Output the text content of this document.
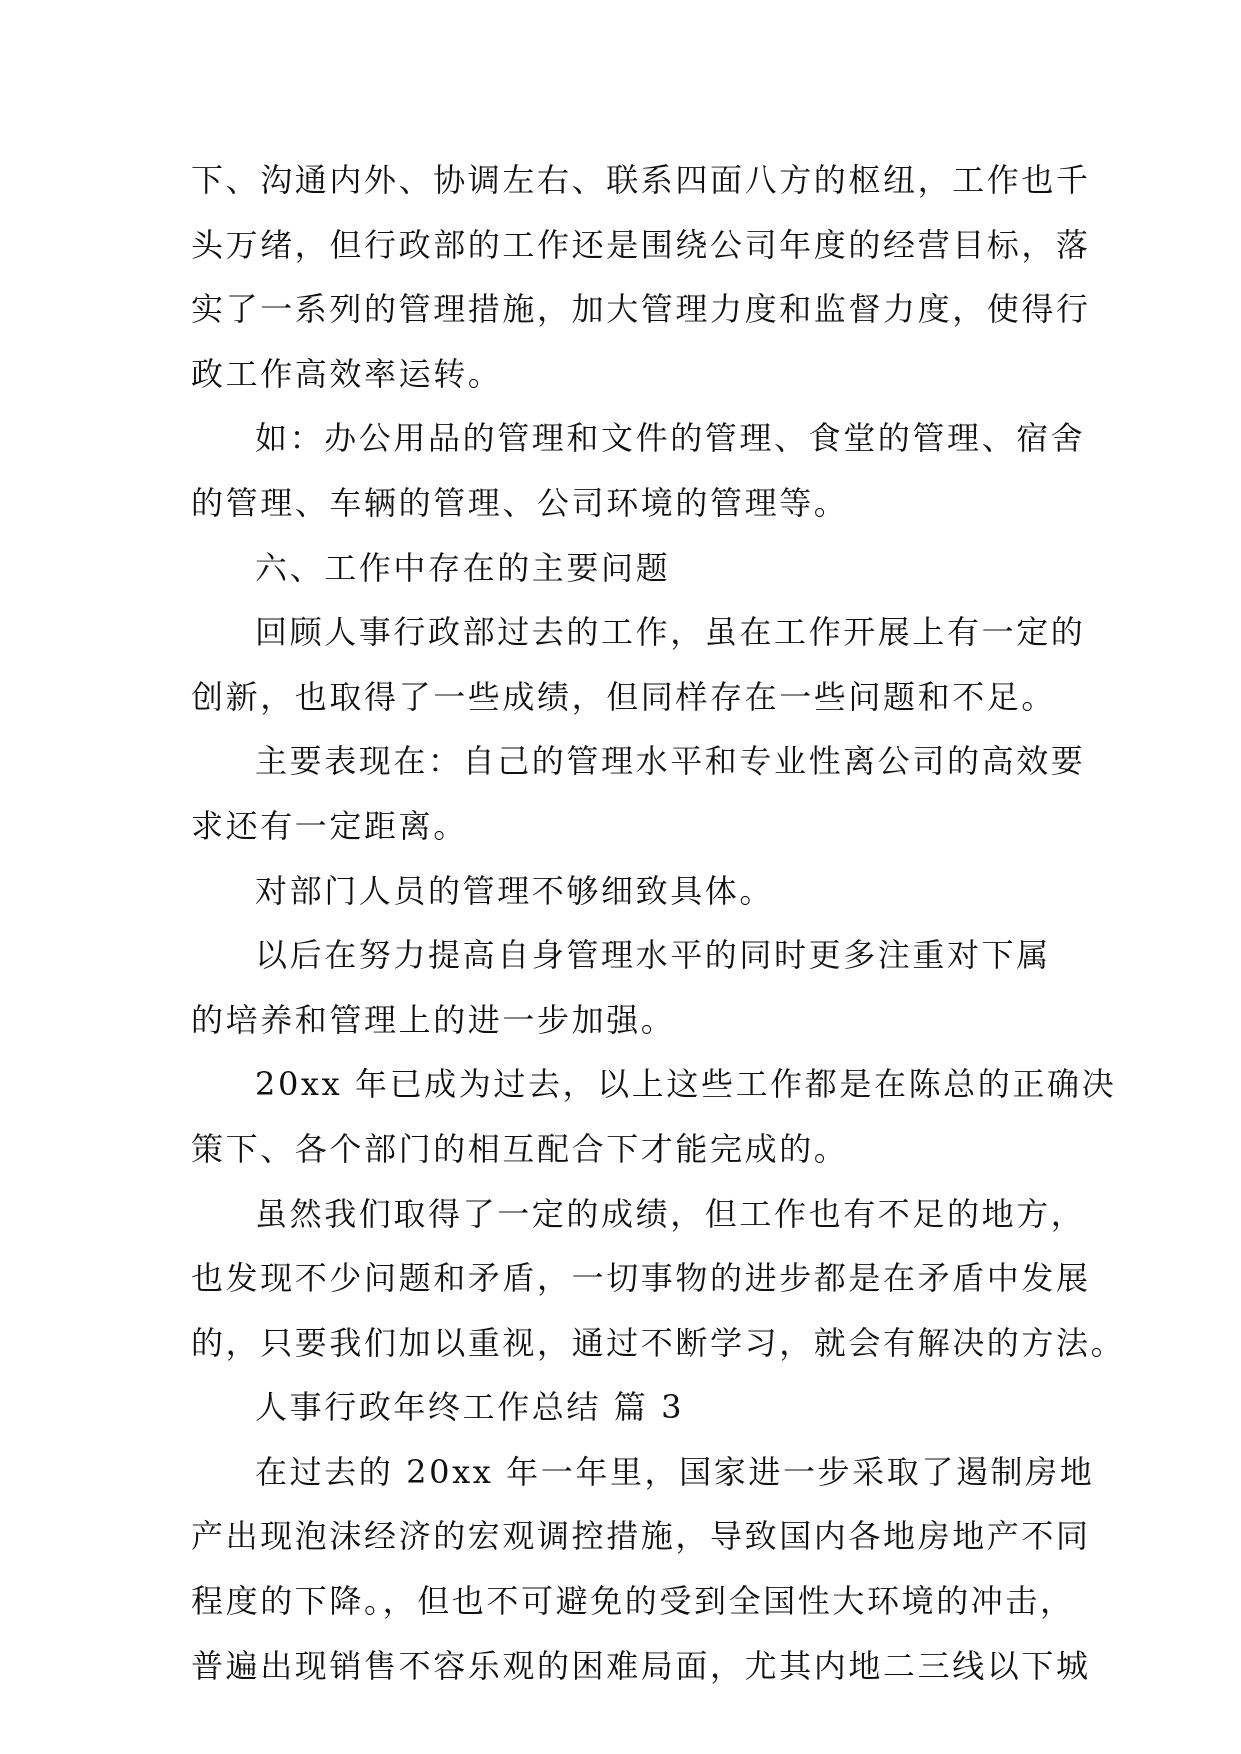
下、沟通内外、协调左右、联系四面八方的枢纽，工作也千
头万绪，但行政部的工作还是围绕公司年度的经营目标，落
实了一系列的管理措施，加大管理力度和监督力度，使得行
政工作高效率运转。
如：办公用品的管理和文件的管理、食堂的管理、宿舍
的管理、车辆的管理、公司环境的管理等。
六、工作中存在的主要问题
回顾人事行政部过去的工作，虽在工作开展上有一定的
创新，也取得了一些成绩，但同样存在一些问题和不足。
主要表现在：自己的管理水平和专业性离公司的高效要
求还有一定距离。
对部门人员的管理不够细致具体。
以后在努力提高自身管理水平的同时更多注重对下属
的培养和管理上的进一步加强。
20xx 年已成为过去，以上这些工作都是在陈总的正确决
策下、各个部门的相互配合下才能完成的。
虽然我们取得了一定的成绩，但工作也有不足的地方，
也发现不少问题和矛盾，一切事物的进步都是在矛盾中发展
的，只要我们加以重视，通过不断学习，就会有解决的方法。
人事行政年终工作总结 篇 3
在过去的 20xx 年一年里，国家进一步采取了遏制房地
产出现泡沫经济的宏观调控措施，导致国内各地房地产不同
程度的下降。，但也不可避免的受到全国性大环境的冲击，
普遍出现销售不容乐观的困难局面，尤其内地二三线以下城
